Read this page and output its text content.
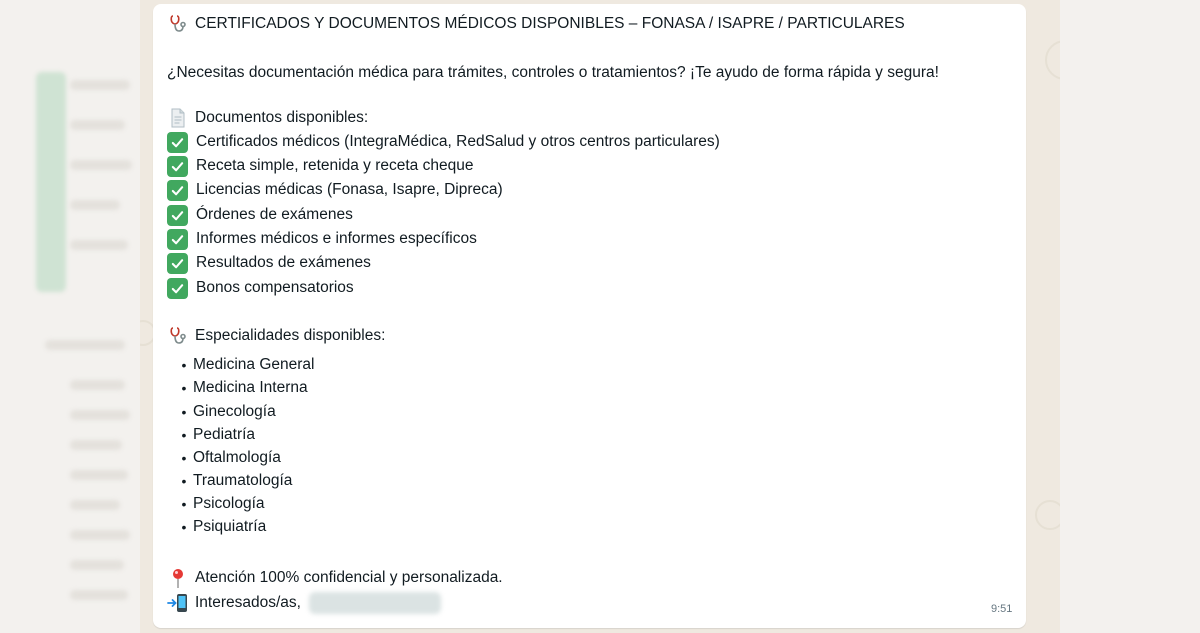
CERTIFICADOS Y DOCUMENTOS MÉDICOS DISPONIBLES – FONASA / ISAPRE / PARTICULARES
¿Necesitas documentación médica para trámites, controles o tratamientos? ¡Te ayudo de forma rápida y segura!
Documentos disponibles:
Certificados médicos (IntegraMédica, RedSalud y otros centros particulares)
Receta simple, retenida y receta cheque
Licencias médicas (Fonasa, Isapre, Dipreca)
Órdenes de exámenes
Informes médicos e informes específicos
Resultados de exámenes
Bonos compensatorios
Especialidades disponibles:
• Medicina General
• Medicina Interna
• Ginecología
• Pediatría
• Oftalmología
• Traumatología
• Psicología
• Psiquiatría
Atención 100% confidencial y personalizada.
Interesados/as,	9:51
